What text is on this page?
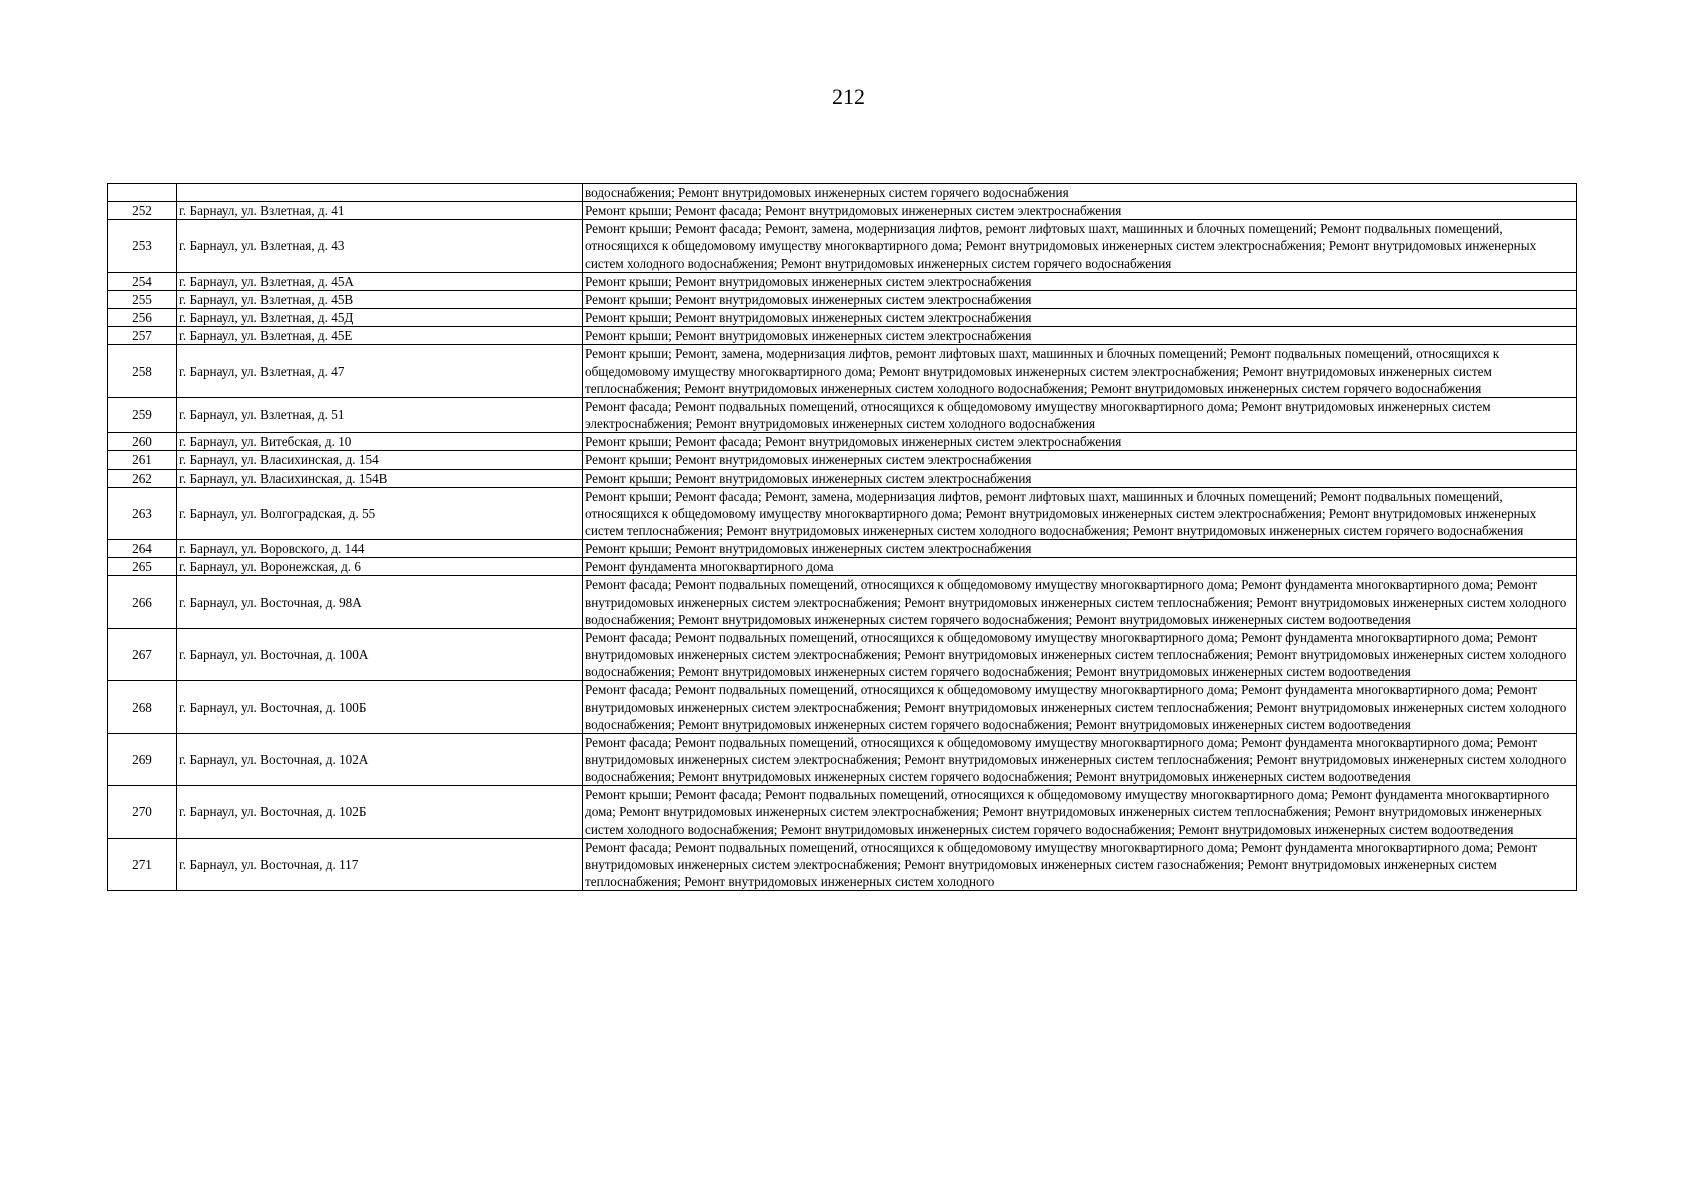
212
		водоснабжения; Ремонт внутридомовых инженерных систем горячего водоснабжения
252	г. Барнаул, ул. Взлетная, д. 41	Ремонт крыши; Ремонт фасада; Ремонт внутридомовых инженерных систем электроснабжения
253	г. Барнаул, ул. Взлетная, д. 43	Ремонт крыши; Ремонт фасада; Ремонт, замена, модернизация лифтов, ремонт лифтовых шахт, машинных и блочных помещений; Ремонт подвальных помещений, относящихся к общедомовому имуществу многоквартирного дома; Ремонт внутридомовых инженерных систем электроснабжения; Ремонт внутридомовых инженерных систем холодного водоснабжения; Ремонт внутридомовых инженерных систем горячего водоснабжения
254	г. Барнаул, ул. Взлетная, д. 45А	Ремонт крыши; Ремонт внутридомовых инженерных систем электроснабжения
255	г. Барнаул, ул. Взлетная, д. 45В	Ремонт крыши; Ремонт внутридомовых инженерных систем электроснабжения
256	г. Барнаул, ул. Взлетная, д. 45Д	Ремонт крыши; Ремонт внутридомовых инженерных систем электроснабжения
257	г. Барнаул, ул. Взлетная, д. 45Е	Ремонт крыши; Ремонт внутридомовых инженерных систем электроснабжения
258	г. Барнаул, ул. Взлетная, д. 47	Ремонт крыши; Ремонт, замена, модернизация лифтов, ремонт лифтовых шахт, машинных и блочных помещений; Ремонт подвальных помещений, относящихся к общедомовому имуществу многоквартирного дома; Ремонт внутридомовых инженерных систем электроснабжения; Ремонт внутридомовых инженерных систем теплоснабжения; Ремонт внутридомовых инженерных систем холодного водоснабжения; Ремонт внутридомовых инженерных систем горячего водоснабжения
259	г. Барнаул, ул. Взлетная, д. 51	Ремонт фасада; Ремонт подвальных помещений, относящихся к общедомовому имуществу многоквартирного дома; Ремонт внутридомовых инженерных систем электроснабжения; Ремонт внутридомовых инженерных систем холодного водоснабжения
260	г. Барнаул, ул. Витебская, д. 10	Ремонт крыши; Ремонт фасада; Ремонт внутридомовых инженерных систем электроснабжения
261	г. Барнаул, ул. Власихинская, д. 154	Ремонт крыши; Ремонт внутридомовых инженерных систем электроснабжения
262	г. Барнаул, ул. Власихинская, д. 154В	Ремонт крыши; Ремонт внутридомовых инженерных систем электроснабжения
263	г. Барнаул, ул. Волгоградская, д. 55	Ремонт крыши; Ремонт фасада; Ремонт, замена, модернизация лифтов, ремонт лифтовых шахт, машинных и блочных помещений; Ремонт подвальных помещений, относящихся к общедомовому имуществу многоквартирного дома; Ремонт внутридомовых инженерных систем электроснабжения; Ремонт внутридомовых инженерных систем теплоснабжения; Ремонт внутридомовых инженерных систем холодного водоснабжения; Ремонт внутридомовых инженерных систем горячего водоснабжения
264	г. Барнаул, ул. Воровского, д. 144	Ремонт крыши; Ремонт внутридомовых инженерных систем электроснабжения
265	г. Барнаул, ул. Воронежская, д. 6	Ремонт фундамента многоквартирного дома
266	г. Барнаул, ул. Восточная, д. 98А	Ремонт фасада; Ремонт подвальных помещений, относящихся к общедомовому имуществу многоквартирного дома; Ремонт фундамента многоквартирного дома; Ремонт внутридомовых инженерных систем электроснабжения; Ремонт внутридомовых инженерных систем теплоснабжения; Ремонт внутридомовых инженерных систем холодного водоснабжения; Ремонт внутридомовых инженерных систем горячего водоснабжения; Ремонт внутридомовых инженерных систем водоотведения
267	г. Барнаул, ул. Восточная, д. 100А	Ремонт фасада; Ремонт подвальных помещений, относящихся к общедомовому имуществу многоквартирного дома; Ремонт фундамента многоквартирного дома; Ремонт внутридомовых инженерных систем электроснабжения; Ремонт внутридомовых инженерных систем теплоснабжения; Ремонт внутридомовых инженерных систем холодного водоснабжения; Ремонт внутридомовых инженерных систем горячего водоснабжения; Ремонт внутридомовых инженерных систем водоотведения
268	г. Барнаул, ул. Восточная, д. 100Б	Ремонт фасада; Ремонт подвальных помещений, относящихся к общедомовому имуществу многоквартирного дома; Ремонт фундамента многоквартирного дома; Ремонт внутридомовых инженерных систем электроснабжения; Ремонт внутридомовых инженерных систем теплоснабжения; Ремонт внутридомовых инженерных систем холодного водоснабжения; Ремонт внутридомовых инженерных систем горячего водоснабжения; Ремонт внутридомовых инженерных систем водоотведения
269	г. Барнаул, ул. Восточная, д. 102А	Ремонт фасада; Ремонт подвальных помещений, относящихся к общедомовому имуществу многоквартирного дома; Ремонт фундамента многоквартирного дома; Ремонт внутридомовых инженерных систем электроснабжения; Ремонт внутридомовых инженерных систем теплоснабжения; Ремонт внутридомовых инженерных систем холодного водоснабжения; Ремонт внутридомовых инженерных систем горячего водоснабжения; Ремонт внутридомовых инженерных систем водоотведения
270	г. Барнаул, ул. Восточная, д. 102Б	Ремонт крыши; Ремонт фасада; Ремонт подвальных помещений, относящихся к общедомовому имуществу многоквартирного дома; Ремонт фундамента многоквартирного дома; Ремонт внутридомовых инженерных систем электроснабжения; Ремонт внутридомовых инженерных систем теплоснабжения; Ремонт внутридомовых инженерных систем холодного водоснабжения; Ремонт внутридомовых инженерных систем горячего водоснабжения; Ремонт внутридомовых инженерных систем водоотведения
271	г. Барнаул, ул. Восточная, д. 117	Ремонт фасада; Ремонт подвальных помещений, относящихся к общедомовому имуществу многоквартирного дома; Ремонт фундамента многоквартирного дома; Ремонт внутридомовых инженерных систем электроснабжения; Ремонт внутридомовых инженерных систем газоснабжения; Ремонт внутридомовых инженерных систем теплоснабжения; Ремонт внутридомовых инженерных систем холодного
